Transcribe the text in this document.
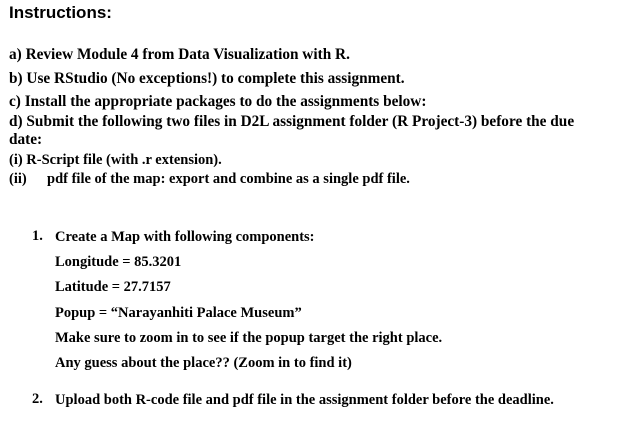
Instructions:
a) Review Module 4 from Data Visualization with R.
b) Use RStudio (No exceptions!) to complete this assignment.
c) Install the appropriate packages to do the assignments below:
d) Submit the following two files in D2L assignment folder (R Project-3) before the due
date:
(i) R-Script file (with .r extension).
(ii) pdf file of the map: export and combine as a single pdf file.
1. Create a Map with following components:
Longitude = 85.3201
Latitude = 27.7157
Popup = “Narayanhiti Palace Museum”
Make sure to zoom in to see if the popup target the right place.
Any guess about the place?? (Zoom in to find it)
2. Upload both R-code file and pdf file in the assignment folder before the deadline.
